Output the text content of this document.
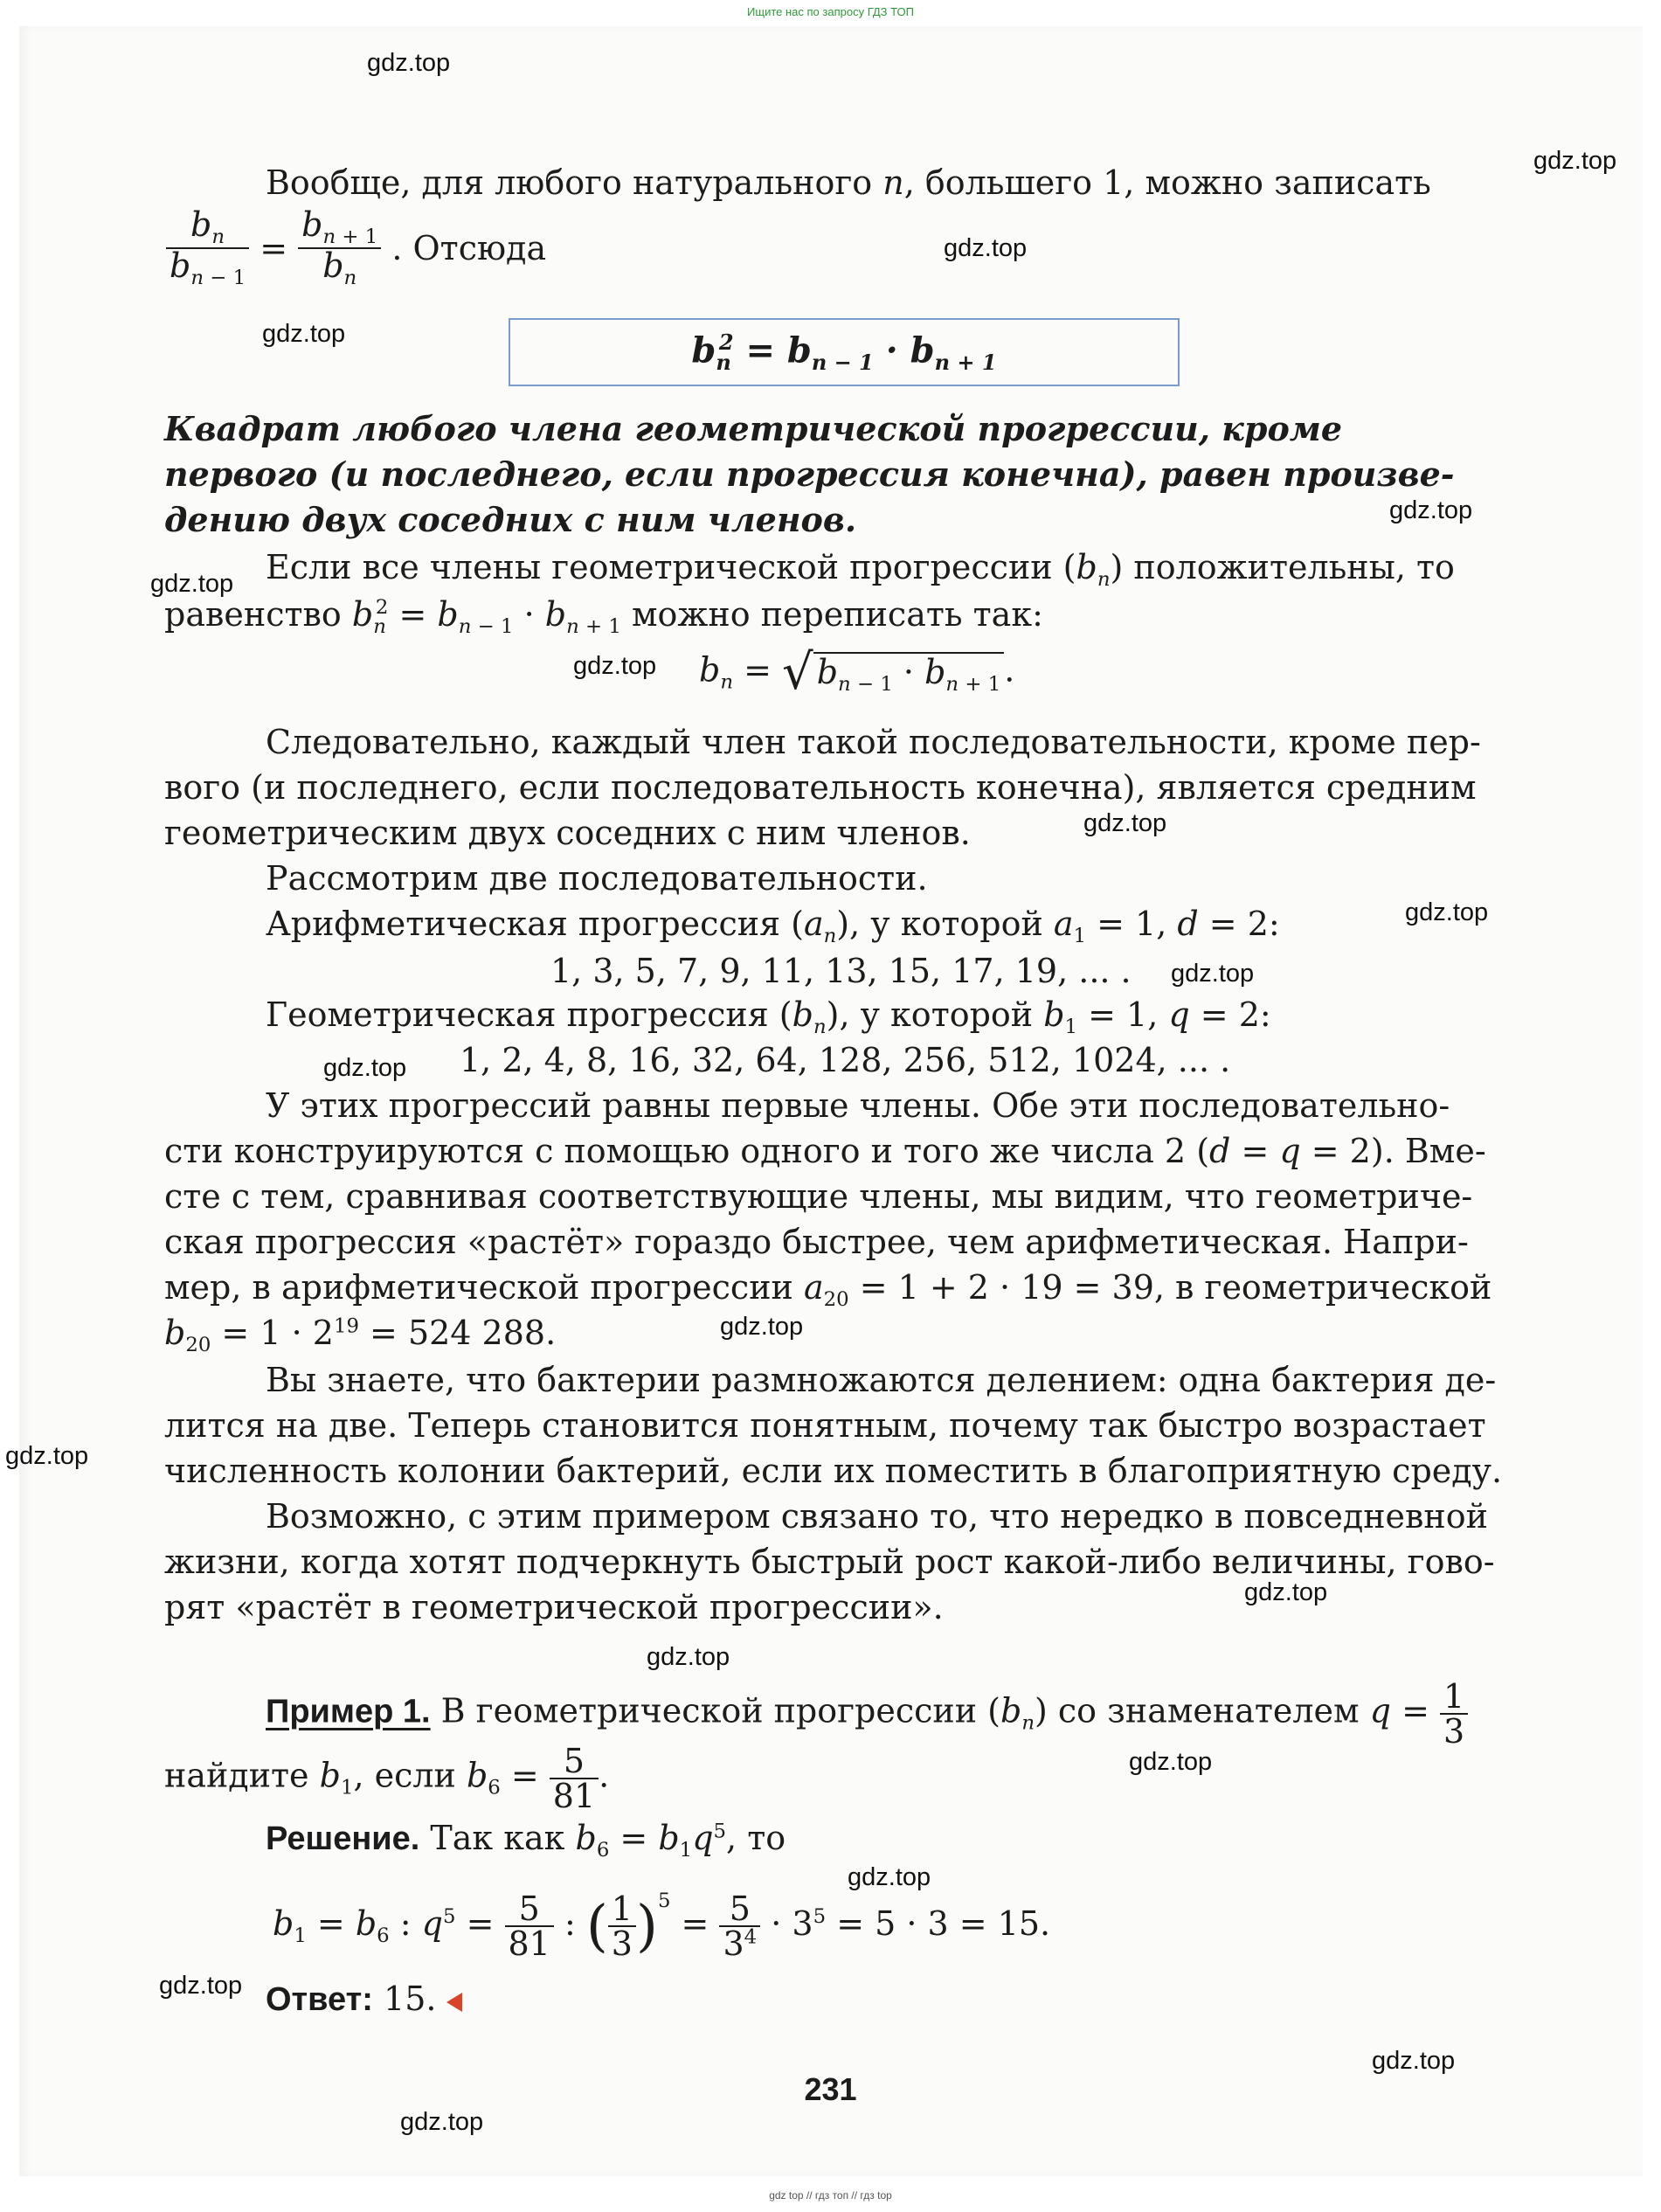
Ищите нас по запросу ГДЗ ТОП
gdz.top
gdz.top
gdz.top
gdz.top
gdz.top
gdz.top
gdz.top
gdz.top
gdz.top
gdz.top
gdz.top
gdz.top
gdz.top
gdz.top
gdz.top
gdz.top
gdz.top
gdz.top
gdz.top
gdz.top
Вообще, для любого натурального n, большего 1, можно записать
$\frac{b_n}{b_{n - 1}} = \frac{b_{n + 1}}{b_n}$ . Отсюда
$b_n^2 = b_{n - 1} \cdot b_{n + 1}$
Квадрат любого члена геометрической прогрессии, кроме
первого (и последнего, если прогрессия конечна), равен произве-
дению двух соседних с ним членов.
Если все члены геометрической прогрессии $(b_n)$ положительны, то
равенство $b_n^2 = b_{n - 1} \cdot b_{n + 1}$ можно переписать так:
$b_n$ = √ $b_{n - 1} \cdot b_{n + 1}$ .
Следовательно, каждый член такой последовательности, кроме пер-
вого (и последнего, если последовательность конечна), является средним
геометрическим двух соседних с ним членов.
Рассмотрим две последовательности.
Арифметическая прогрессия $(a_n)$, у которой $a_1 = 1$, d = 2:
1, 3, 5, 7, 9, 11, 13, 15, 17, 19, ... .
Геометрическая прогрессия $(b_n)$, у которой $b_1 = 1$, q = 2:
1, 2, 4, 8, 16, 32, 64, 128, 256, 512, 1024, ... .
У этих прогрессий равны первые члены. Обе эти последовательно-
сти конструируются с помощью одного и того же числа 2 (d = q = 2). Вме-
сте с тем, сравнивая соответствующие члены, мы видим, что геометриче-
ская прогрессия «растёт» гораздо быстрее, чем арифметическая. Напри-
мер, в арифметической прогрессии $a_{20} = 1 + 2 \cdot 19 = 39$, в геометрической
$b_{20} = 1 \cdot 2^{19} = 524$ 288.
Вы знаете, что бактерии размножаются делением: одна бактерия де-
лится на две. Теперь становится понятным, почему так быстро возрастает
численность колонии бактерий, если их поместить в благоприятную среду.
Возможно, с этим примером связано то, что нередко в повседневной
жизни, когда хотят подчеркнуть быстрый рост какой-либо величины, гово-
рят «растёт в геометрической прогрессии».
Пример 1. В геометрической прогрессии $(b_n)$ со знаменателем $q = \frac{1}{3}$
найдите $b_1$, если $b_6 = \frac{5}{81}$ .
Решение. Так как $b_6 = b_1q^5$, то
$b_1 = b_6$ : $q^5 = \frac{5}{81}$ : ( $\frac{1}{3} )^5 = \frac{5}{3^4} \cdot 3^5 = 5 \cdot 3 = 15$.
Ответ: 15.
231
gdz top // гдз топ // гдз top
